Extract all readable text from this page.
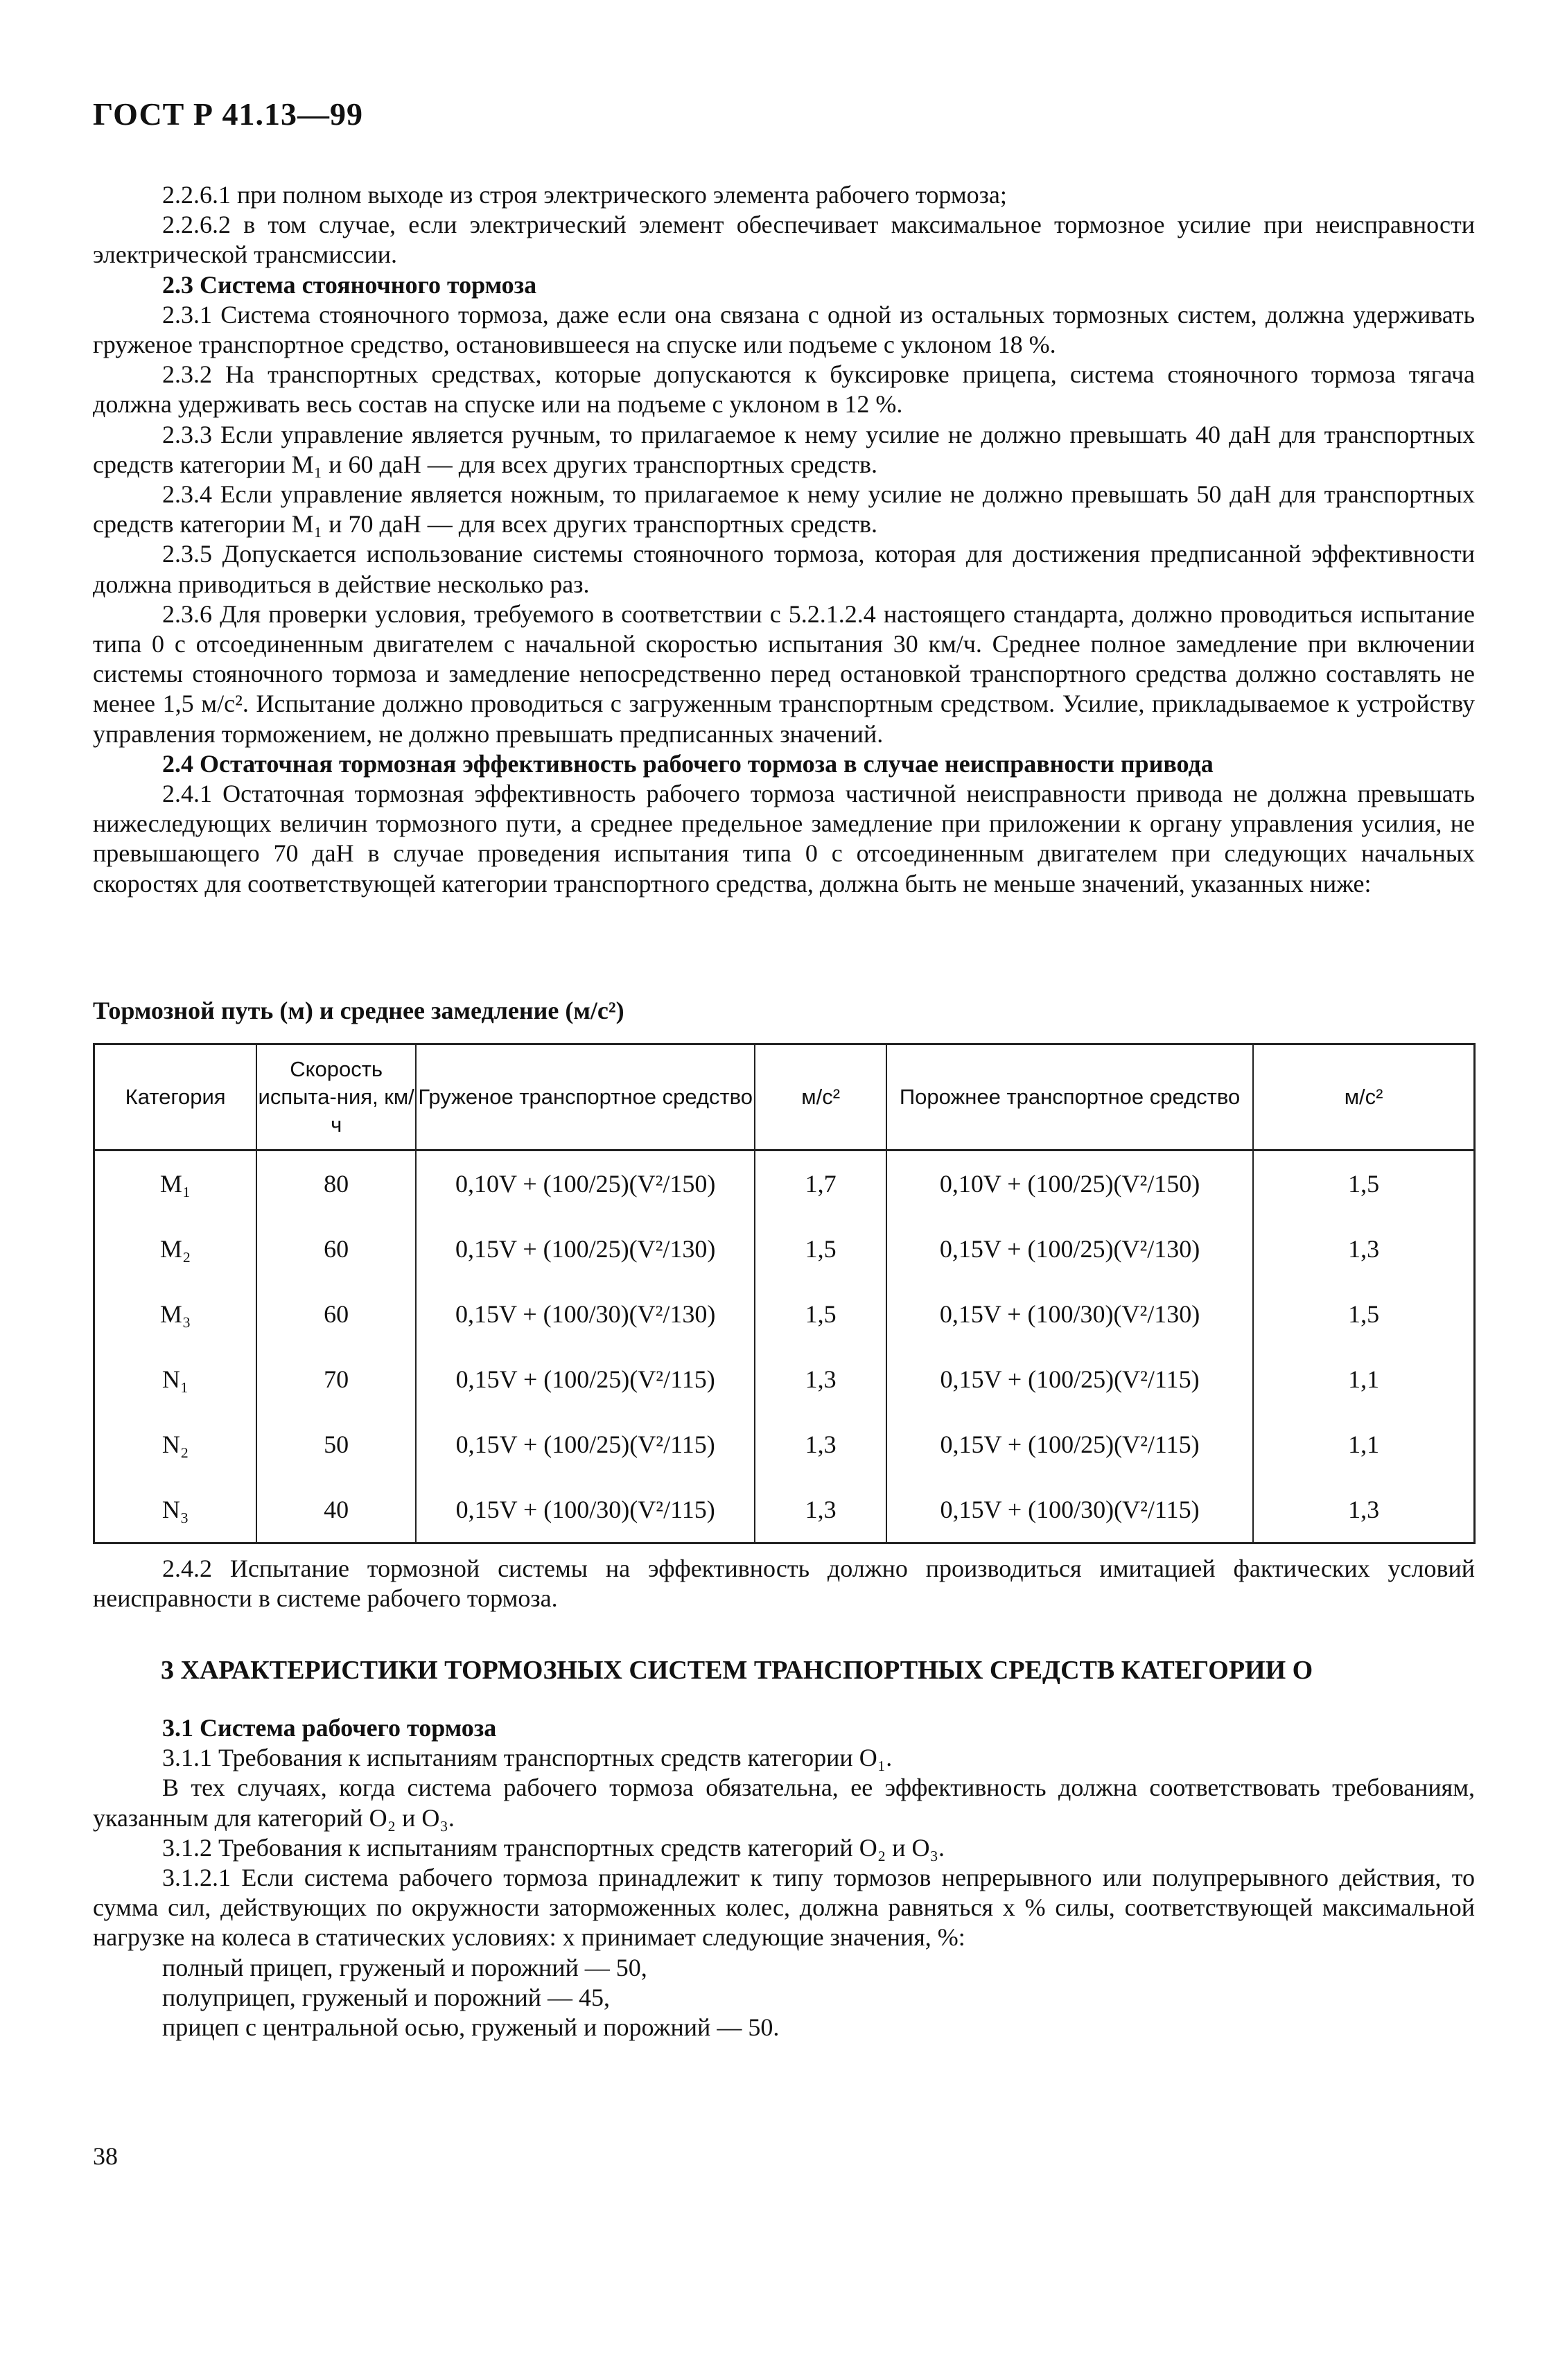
ГОСТ Р 41.13—99

2.2.6.1 при полном выходе из строя электрического элемента рабочего тормоза;

2.2.6.2 в том случае, если электрический элемент обеспечивает максимальное тормозное усилие при неисправности электрической трансмиссии.

2.3 Система стояночного тормоза

2.3.1 Система стояночного тормоза, даже если она связана с одной из остальных тормозных систем, должна удерживать груженое транспортное средство, остановившееся на спуске или подъеме с уклоном 18 %.

2.3.2 На транспортных средствах, которые допускаются к буксировке прицепа, система стояночного тормоза тягача должна удерживать весь состав на спуске или на подъеме с уклоном в 12 %.

2.3.3 Если управление является ручным, то прилагаемое к нему усилие не должно превышать 40 даН для транспортных средств категории M₁ и 60 даН — для всех других транспортных средств.

2.3.4 Если управление является ножным, то прилагаемое к нему усилие не должно превышать 50 даН для транспортных средств категории M₁ и 70 даН — для всех других транспортных средств.

2.3.5 Допускается использование системы стояночного тормоза, которая для достижения предписанной эффективности должна приводиться в действие несколько раз.

2.3.6 Для проверки условия, требуемого в соответствии с 5.2.1.2.4 настоящего стандарта, должно проводиться испытание типа 0 с отсоединенным двигателем с начальной скоростью испытания 30 км/ч. Среднее полное замедление при включении системы стояночного тормоза и замедление непосредственно перед остановкой транспортного средства должно составлять не менее 1,5 м/с². Испытание должно проводиться с загруженным транспортным средством. Усилие, прикладываемое к устройству управления торможением, не должно превышать предписанных значений.

2.4 Остаточная тормозная эффективность рабочего тормоза в случае неисправности привода

2.4.1 Остаточная тормозная эффективность рабочего тормоза частичной неисправности привода не должна превышать нижеследующих величин тормозного пути, а среднее предельное замедление при приложении к органу управления усилия, не превышающего 70 даН в случае проведения испытания типа 0 с отсоединенным двигателем при следующих начальных скоростях для соответствующей категории транспортного средства, должна быть не меньше значений, указанных ниже:

Тормозной путь (м) и среднее замедление (м/с²)
Категория	Скорость испыта-ния, км/ч	Груженое транспортное средство	м/с²	Порожнее транспортное средство	м/с²
M₁	80	0,10V + (100/25)(V²/150)	1,7	0,10V + (100/25)(V²/150)	1,5
M₂	60	0,15V + (100/25)(V²/130)	1,5	0,15V + (100/25)(V²/130)	1,3
M₃	60	0,15V + (100/30)(V²/130)	1,5	0,15V + (100/30)(V²/130)	1,5
N₁	70	0,15V + (100/25)(V²/115)	1,3	0,15V + (100/25)(V²/115)	1,1
N₂	50	0,15V + (100/25)(V²/115)	1,3	0,15V + (100/25)(V²/115)	1,1
N₃	40	0,15V + (100/30)(V²/115)	1,3	0,15V + (100/30)(V²/115)	1,3

2.4.2 Испытание тормозной системы на эффективность должно производиться имитацией фактических условий неисправности в системе рабочего тормоза.

3 ХАРАКТЕРИСТИКИ ТОРМОЗНЫХ СИСТЕМ ТРАНСПОРТНЫХ СРЕДСТВ КАТЕГОРИИ O

3.1 Система рабочего тормоза

3.1.1 Требования к испытаниям транспортных средств категории O₁.

В тех случаях, когда система рабочего тормоза обязательна, ее эффективность должна соответствовать требованиям, указанным для категорий O₂ и O₃.

3.1.2 Требования к испытаниям транспортных средств категорий O₂ и O₃.

3.1.2.1 Если система рабочего тормоза принадлежит к типу тормозов непрерывного или полупрерывного действия, то сумма сил, действующих по окружности заторможенных колес, должна равняться x % силы, соответствующей максимальной нагрузке на колеса в статических условиях: x принимает следующие значения, %:

полный прицеп, груженый и порожний — 50,

полуприцеп, груженый и порожний — 45,

прицеп с центральной осью, груженый и порожний — 50.

38
